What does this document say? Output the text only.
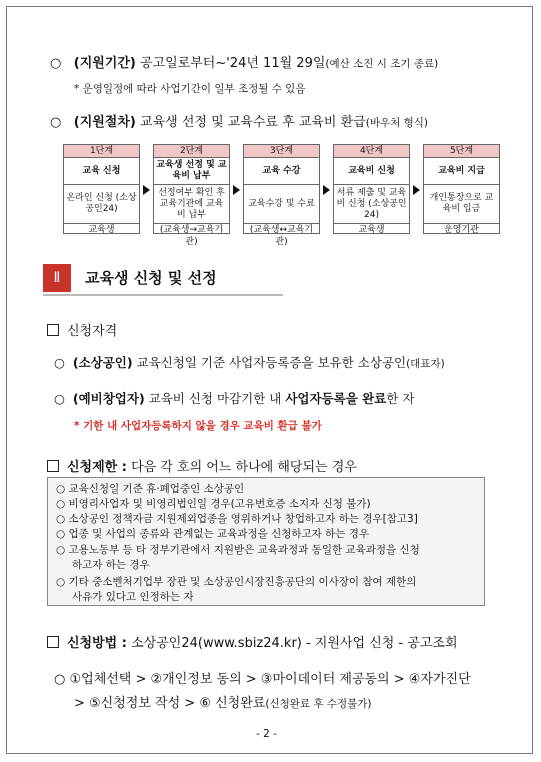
○ (지원기간) 공고일로부터~'24년 11월 29일(예산 소진 시 조기 종료)
* 운영일정에 따라 사업기간이 일부 조정될 수 있음
○ (지원절차) 교육생 선정 및 교육수료 후 교육비 환급(바우처 형식)
1단계
교육 신청
온라인 신청 (소상공인24)
교육생
2단계
교육생 선정 및 교육비 납부
선정여부 확인 후 교육기관에 교육비 납부
(교육생→교육기관)
3단계
교육 수강
교육수강 및 수료
(교육생↔교육기관)
4단계
교육비 신청
서류 제출 및 교육비 신청 (소상공인24)
교육생
5단계
교육비 지급
개인통장으로 교육비 입금
운영기관
Ⅱ	교육생 신청 및 선정
신청자격
○  (소상공인) 교육신청일 기준 사업자등록증을 보유한 소상공인(대표자)
○  (예비창업자) 교육비 신청 마감기한 내 사업자등록을 완료한 자
* 기한 내 사업자등록하지 않을 경우 교육비 환급 불가
신청제한 : 다음 각 호의 어느 하나에 해당되는 경우
○ 교육신청일 기준 휴·폐업중인 소상공인
○ 비영리사업자 및 비영리법인일 경우(고유번호증 소지자 신청 불가)
○ 소상공인 정책자금 지원제외업종을 영위하거나 창업하고자 하는 경우[참고3]
○ 업종 및 사업의 종류와 관계없는 교육과정을 신청하고자 하는 경우
○ 고용노동부 등 타 정부기관에서 지원받은 교육과정과 동일한 교육과정을 신청
하고자 하는 경우
○ 기타 중소벤처기업부 장관 및 소상공인시장진흥공단의 이사장이 참여 제한의
사유가 있다고 인정하는 자
신청방법 : 소상공인24(www.sbiz24.kr) - 지원사업 신청 - 공고조회
○ ①업체선택 > ②개인정보 동의 > ③마이데이터 제공동의 > ④자가진단
> ⑤신청정보 작성 > ⑥ 신청완료(신청완료 후 수정불가)
- 2 -
